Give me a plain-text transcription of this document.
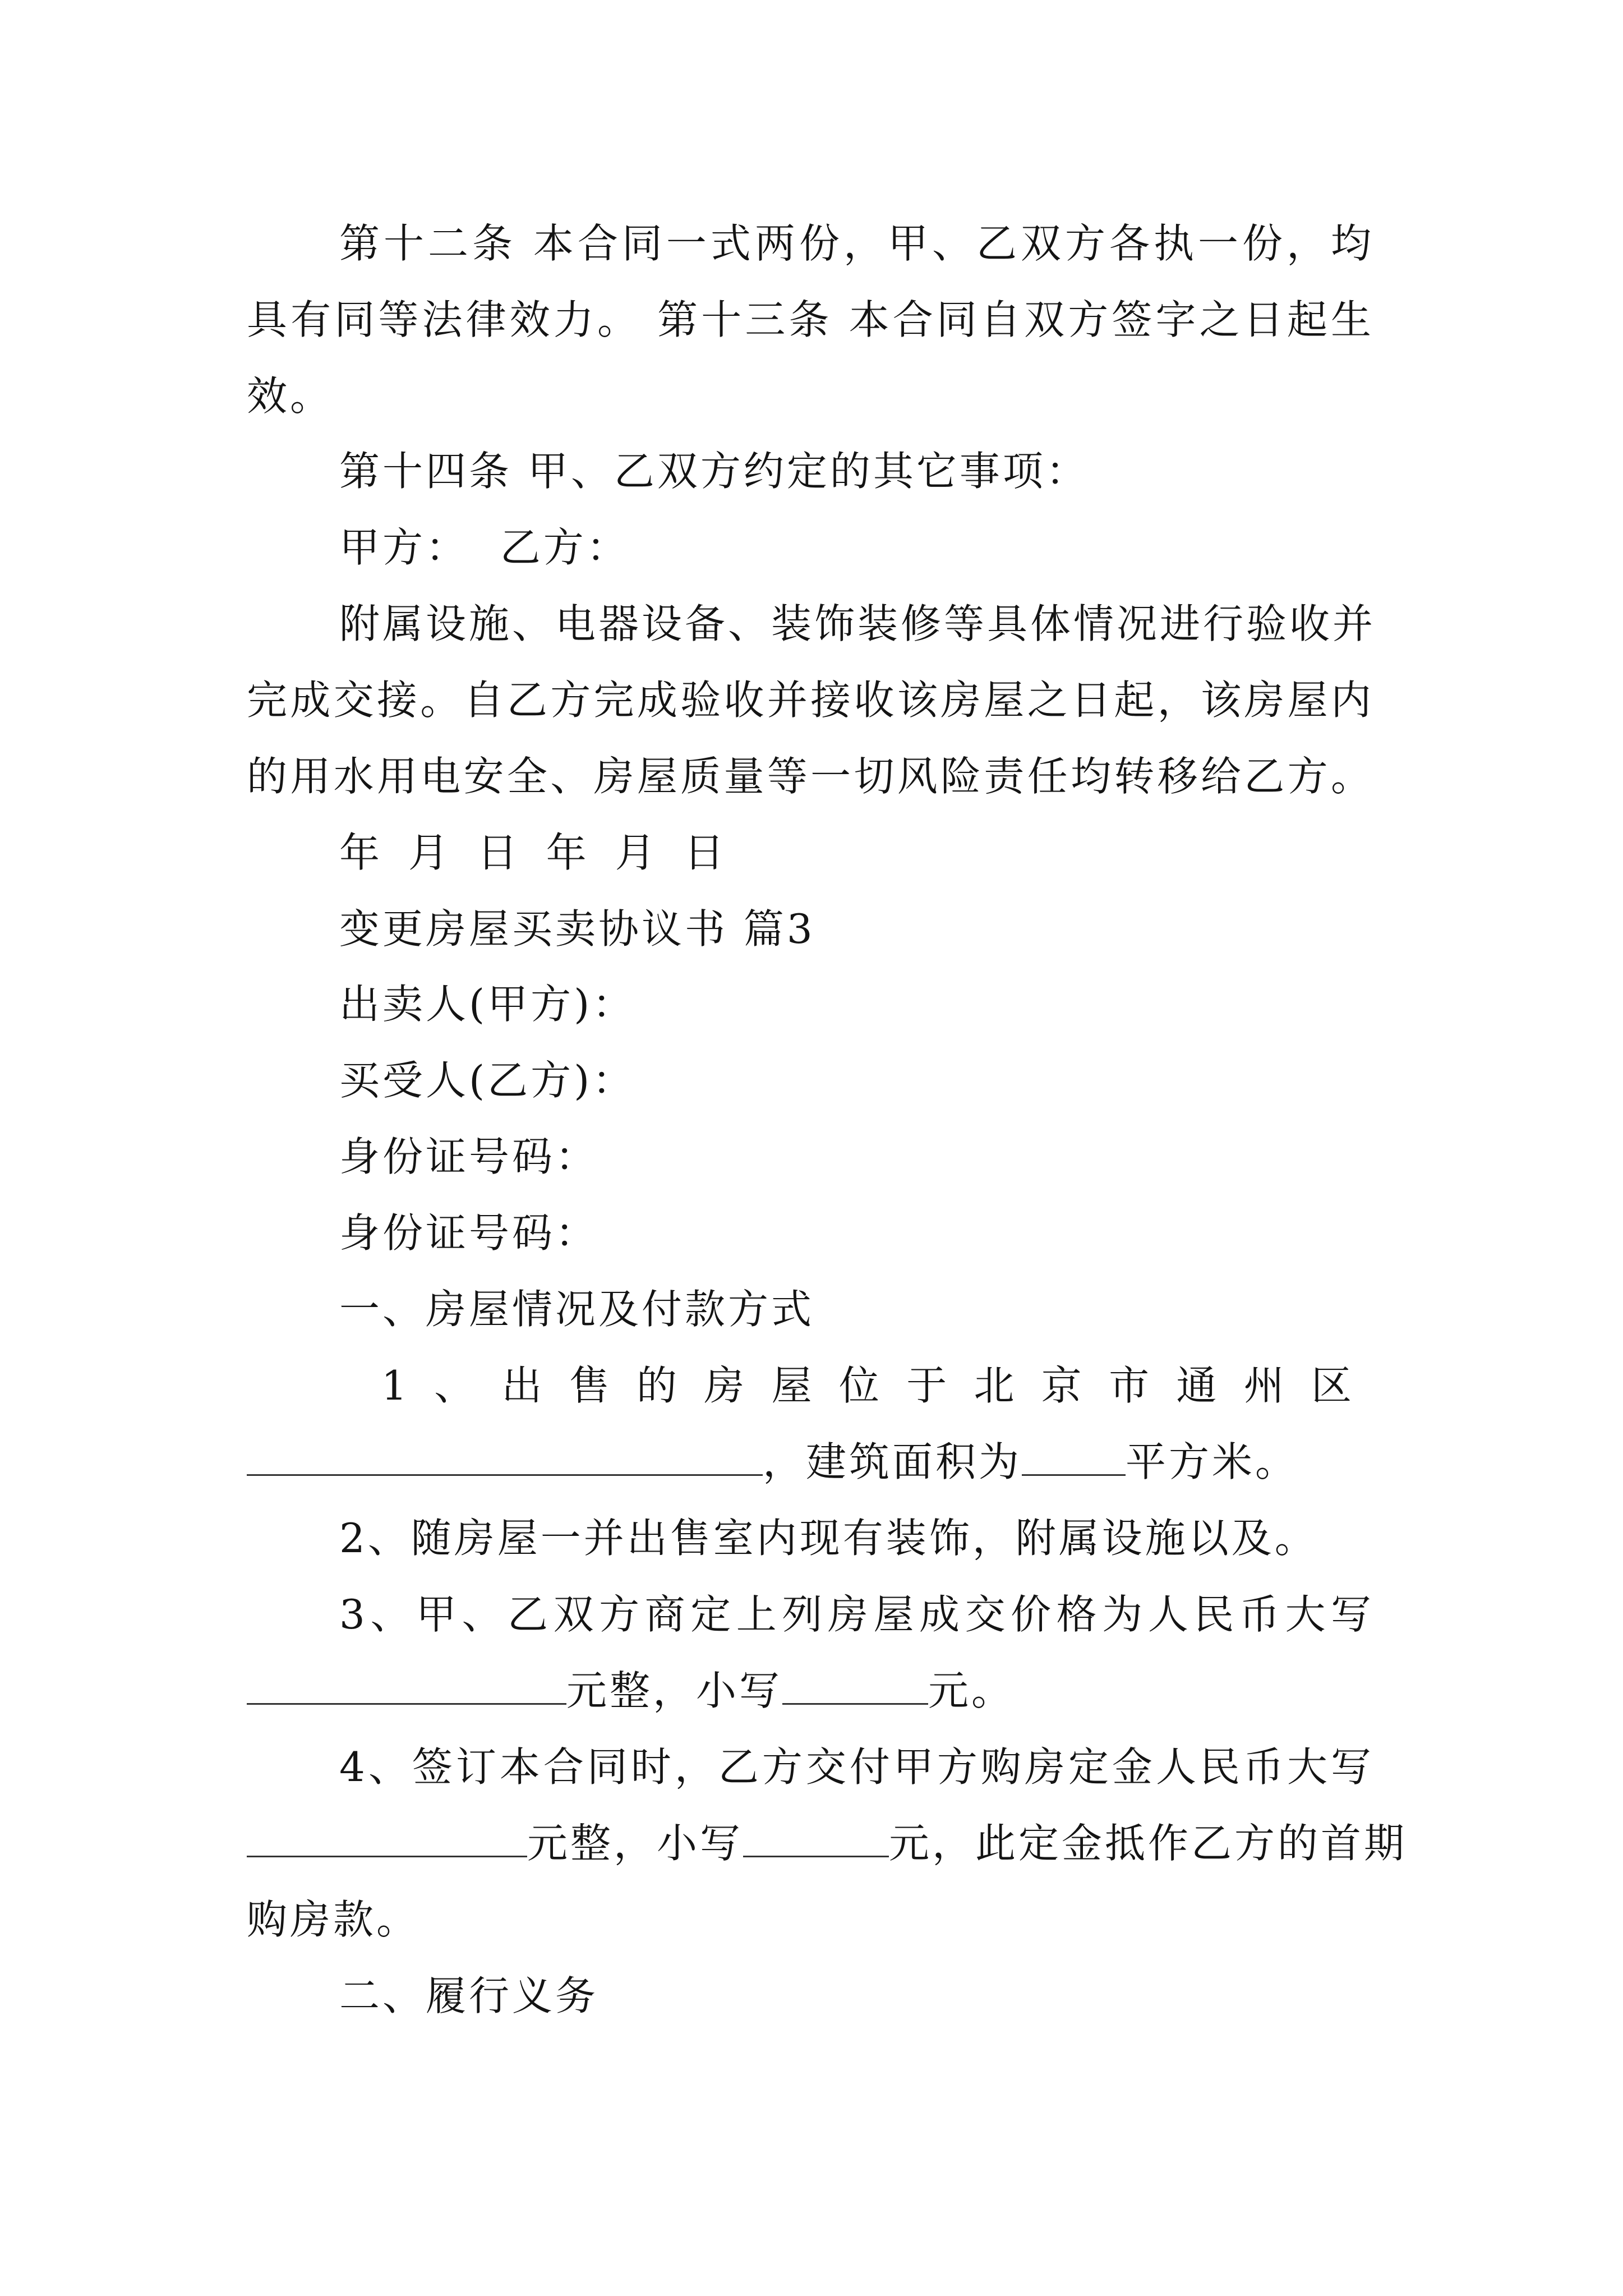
第十二条 本合同一式两份，甲、乙双方各执一份，均
具有同等法律效力。 第十三条 本合同自双方签字之日起生
效。
第十四条 甲、乙双方约定的其它事项：
甲方：  乙方：
附属设施、电器设备、装饰装修等具体情况进行验收并
完成交接。自乙方完成验收并接收该房屋之日起，该房屋内
的用水用电安全、房屋质量等一切风险责任均转移给乙方。
年 月 日 年 月 日
变更房屋买卖协议书 篇3
出卖人(甲方)：
买受人(乙方)：
身份证号码：
身份证号码：
一、房屋情况及付款方式
1、出售的房屋位于北京市通州区
，建筑面积为	平方米。
2、随房屋一并出售室内现有装饰，附属设施以及。
3、甲、乙双方商定上列房屋成交价格为人民币大写
元整，小写	元。
4、签订本合同时，乙方交付甲方购房定金人民币大写
元整，小写	元，此定金抵作乙方的首期
购房款。
二、履行义务
